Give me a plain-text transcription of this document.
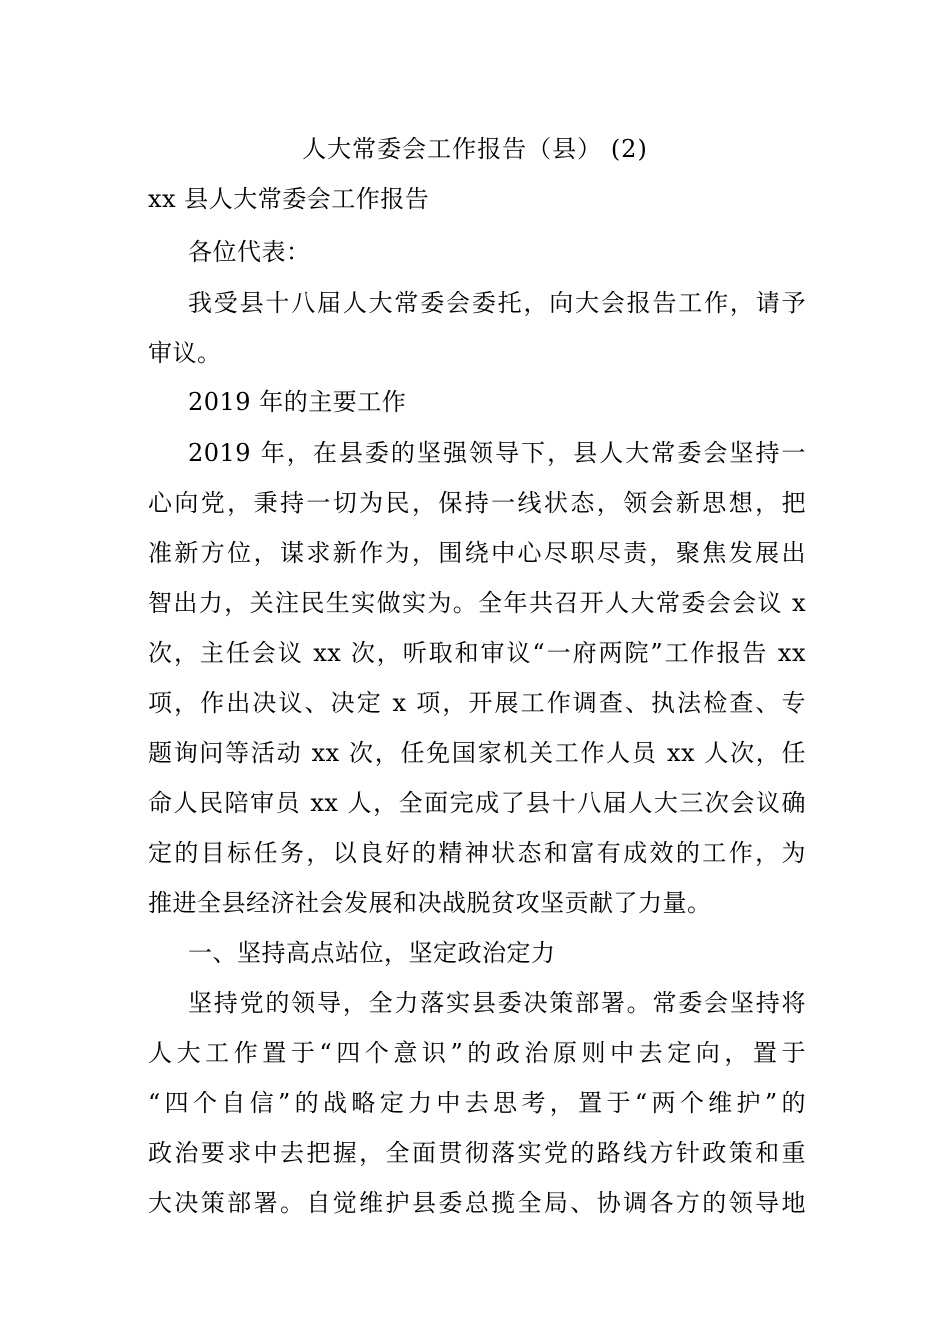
人大常委会工作报告（县） (2)
xx 县人大常委会工作报告
各位代表：
我受县十八届人大常委会委托，向大会报告工作，请予
审议。
2019 年的主要工作
2019 年，在县委的坚强领导下，县人大常委会坚持一
心向党，秉持一切为民，保持一线状态，领会新思想，把
准新方位，谋求新作为，围绕中心尽职尽责，聚焦发展出
智出力，关注民生实做实为。全年共召开人大常委会会议 x
次，主任会议 xx 次，听取和审议“一府两院”工作报告 xx
项，作出决议、决定 x 项，开展工作调查、执法检查、专
题询问等活动 xx 次，任免国家机关工作人员 xx 人次，任
命人民陪审员 xx 人，全面完成了县十八届人大三次会议确
定的目标任务，以良好的精神状态和富有成效的工作，为
推进全县经济社会发展和决战脱贫攻坚贡献了力量。
一、坚持高点站位，坚定政治定力
坚持党的领导，全力落实县委决策部署。常委会坚持将
人大工作置于“四个意识”的政治原则中去定向，置于
“四个自信”的战略定力中去思考，置于“两个维护”的
政治要求中去把握，全面贯彻落实党的路线方针政策和重
大决策部署。自觉维护县委总揽全局、协调各方的领导地
